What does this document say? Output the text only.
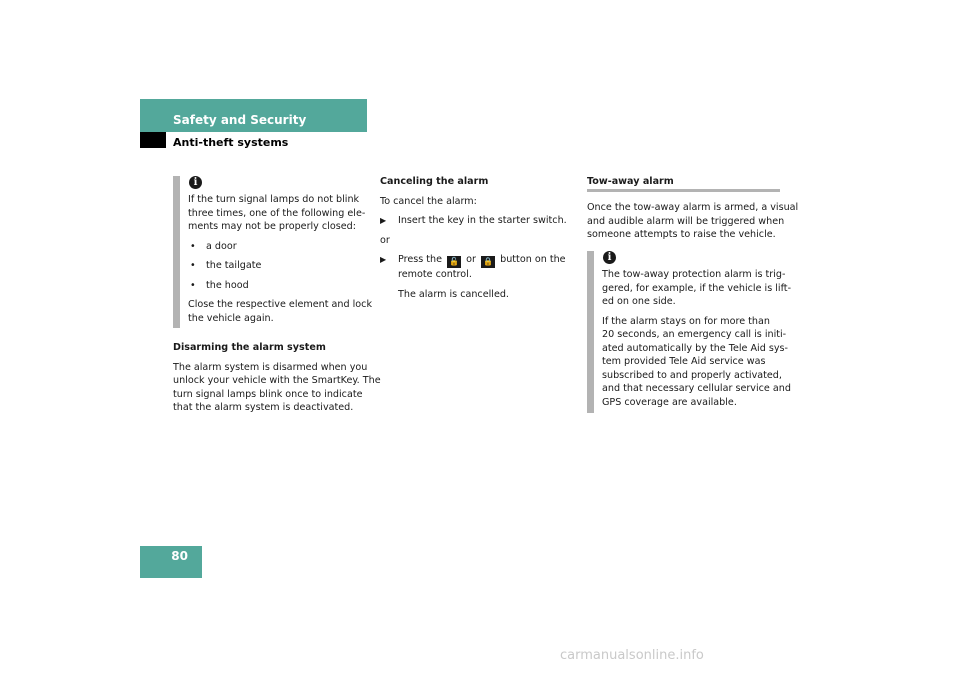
Safety and Security
Anti-theft systems
i

If the turn signal lamps do not blink

three times, one of the following ele-

ments may not be properly closed:

• a door

• the tailgate

• the hood

Close the respective element and lock

the vehicle again.

Disarming the alarm system

The alarm system is disarmed when you

unlock your vehicle with the SmartKey. The

turn signal lamps blink once to indicate

that the alarm system is deactivated.

Canceling the alarm

To cancel the alarm:

▶ Insert the key in the starter switch.

or

▶ Press the 🔓 or 🔒 button on the

remote control.

The alarm is cancelled.

Tow-away alarm

Once the tow-away alarm is armed, a visual

and audible alarm will be triggered when

someone attempts to raise the vehicle.

i

The tow-away protection alarm is trig-

gered, for example, if the vehicle is lift-

ed on one side.

If the alarm stays on for more than

20 seconds, an emergency call is initi-

ated automatically by the Tele Aid sys-

tem provided Tele Aid service was

subscribed to and properly activated,

and that necessary cellular service and

GPS coverage are available.

80
carmanualsonline.info
